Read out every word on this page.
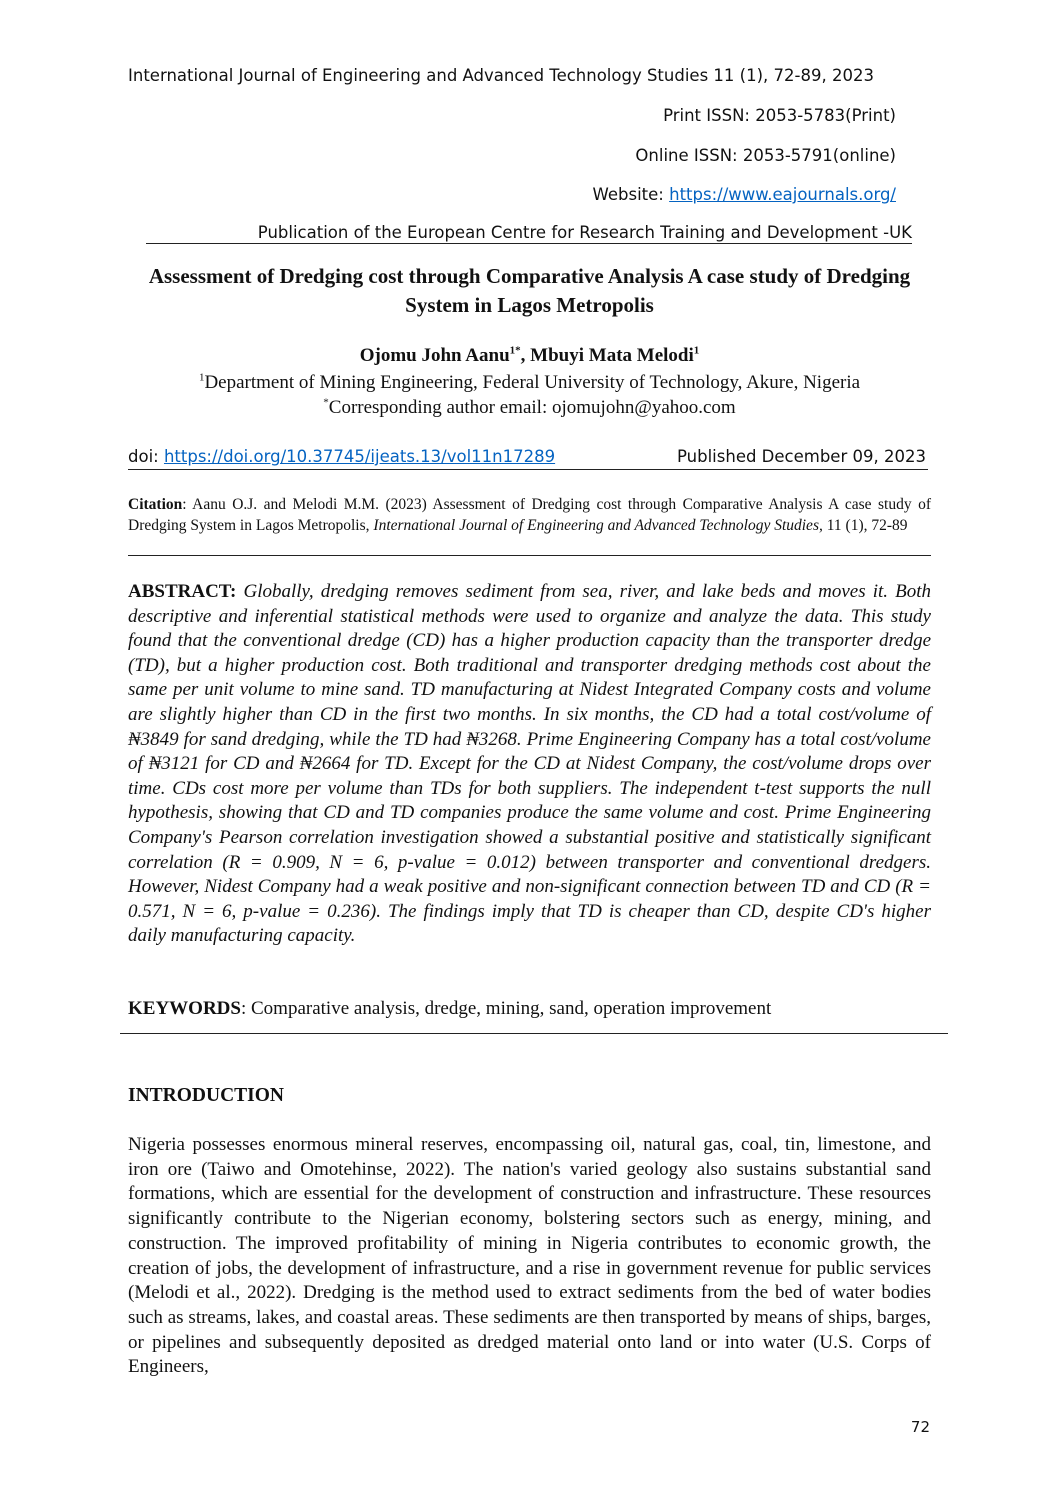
International Journal of Engineering and Advanced Technology Studies 11 (1), 72-89, 2023
Print ISSN: 2053-5783(Print)
Online ISSN: 2053-5791(online)
Website: https://www.eajournals.org/
Publication of the European Centre for Research Training and Development -UK
Assessment of Dredging cost through Comparative Analysis A case study of Dredging System in Lagos Metropolis
Ojomu John Aanu$^{1*}$, Mbuyi Mata Melodi$^1$
$^1$Department of Mining Engineering, Federal University of Technology, Akure, Nigeria
*Corresponding author email: ojomujohn@yahoo.com
doi: https://doi.org/10.37745/ijeats.13/vol11n17289	Published December 09, 2023
Citation: Aanu O.J. and Melodi M.M. (2023) Assessment of Dredging cost through Comparative Analysis A case study of Dredging System in Lagos Metropolis, International Journal of Engineering and Advanced Technology Studies, 11 (1), 72-89
ABSTRACT: Globally, dredging removes sediment from sea, river, and lake beds and moves it. Both descriptive and inferential statistical methods were used to organize and analyze the data. This study found that the conventional dredge (CD) has a higher production capacity than the transporter dredge (TD), but a higher production cost. Both traditional and transporter dredging methods cost about the same per unit volume to mine sand. TD manufacturing at Nidest Integrated Company costs and volume are slightly higher than CD in the first two months. In six months, the CD had a total cost/volume of ₦3849 for sand dredging, while the TD had ₦3268. Prime Engineering Company has a total cost/volume of ₦3121 for CD and ₦2664 for TD. Except for the CD at Nidest Company, the cost/volume drops over time. CDs cost more per volume than TDs for both suppliers. The independent t-test supports the null hypothesis, showing that CD and TD companies produce the same volume and cost. Prime Engineering Company's Pearson correlation investigation showed a substantial positive and statistically significant correlation (R = 0.909, N = 6, p-value = 0.012) between transporter and conventional dredgers. However, Nidest Company had a weak positive and non-significant connection between TD and CD (R = 0.571, N = 6, p-value = 0.236). The findings imply that TD is cheaper than CD, despite CD's higher daily manufacturing capacity.
KEYWORDS: Comparative analysis, dredge, mining, sand, operation improvement
INTRODUCTION
Nigeria possesses enormous mineral reserves, encompassing oil, natural gas, coal, tin, limestone, and iron ore (Taiwo and Omotehinse, 2022). The nation's varied geology also sustains substantial sand formations, which are essential for the development of construction and infrastructure. These resources significantly contribute to the Nigerian economy, bolstering sectors such as energy, mining, and construction. The improved profitability of mining in Nigeria contributes to economic growth, the creation of jobs, the development of infrastructure, and a rise in government revenue for public services (Melodi et al., 2022). Dredging is the method used to extract sediments from the bed of water bodies such as streams, lakes, and coastal areas. These sediments are then transported by means of ships, barges, or pipelines and subsequently deposited as dredged material onto land or into water (U.S. Corps of Engineers,
72
